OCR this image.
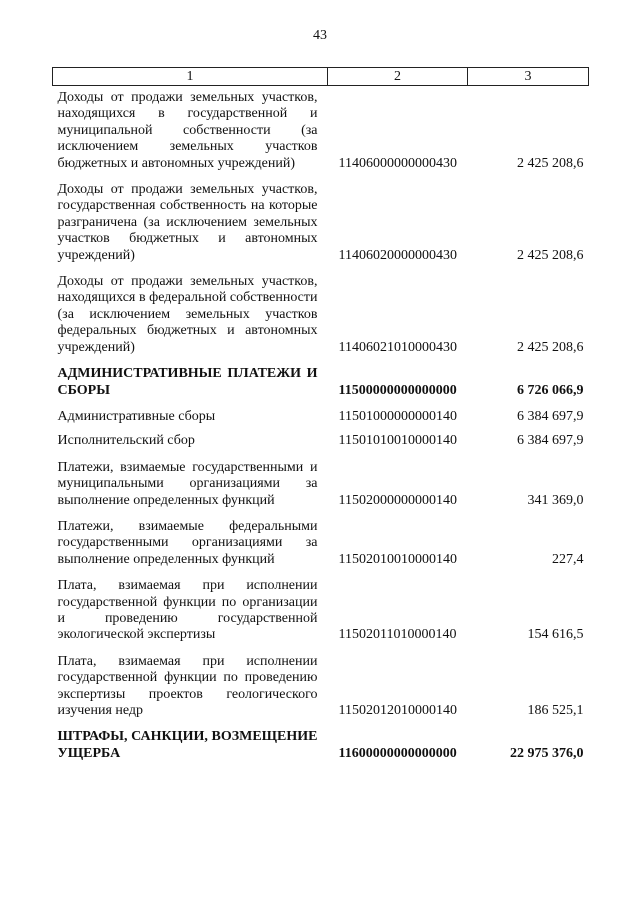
43
1	2	3

Доходы от продажи земельных участков, находящихся в государственной и муниципальной собственности (за исключением земельных участков бюджетных и автономных учреждений)	11406000000000430	2 425 208,6

Доходы от продажи земельных участков, государственная собственность на которые разграничена (за исключением земельных участков бюджетных и автономных учреждений)	11406020000000430	2 425 208,6

Доходы от продажи земельных участков, находящихся в федеральной собственности (за исключением земельных участков федеральных бюджетных и автономных учреждений)	11406021010000430	2 425 208,6

АДМИНИСТРАТИВНЫЕ ПЛАТЕЖИ И СБОРЫ	11500000000000000	6 726 066,9

Административные сборы	11501000000000140	6 384 697,9

Исполнительский сбор	11501010010000140	6 384 697,9

Платежи, взимаемые государственными и муниципальными организациями за выполнение определенных функций	11502000000000140	341 369,0

Платежи, взимаемые федеральными государственными организациями за выполнение определенных функций	11502010010000140	227,4

Плата, взимаемая при исполнении государственной функции по организации и проведению государственной экологической экспертизы	11502011010000140	154 616,5

Плата, взимаемая при исполнении государственной функции по проведению экспертизы проектов геологического изучения недр	11502012010000140	186 525,1

ШТРАФЫ, САНКЦИИ, ВОЗМЕЩЕНИЕ УЩЕРБА	11600000000000000	22 975 376,0
